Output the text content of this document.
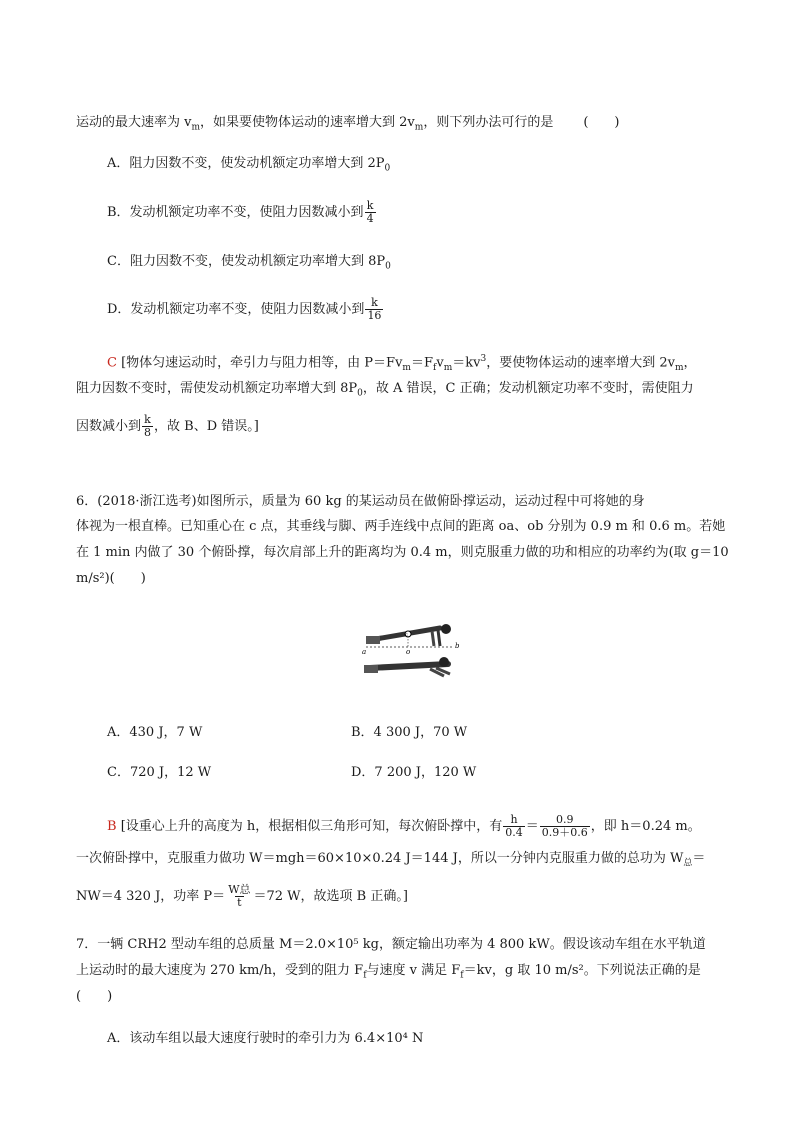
运动的最大速率为 $v_m$，如果要使物体运动的速率增大到 $2v_m$，则下列办法可行的是 (　　)
A．阻力因数不变，使发动机额定功率增大到 $2P_0$
B．发动机额定功率不变，使阻力因数减小到 $\frac{k}{4}$
C．阻力因数不变，使发动机额定功率增大到 $8P_0$
D．发动机额定功率不变，使阻力因数减小到 $\frac{k}{16}$
C [物体匀速运动时，牵引力与阻力相等，由 $P=Fv_m=F_fv_m=kv^3$，要使物体运动的速率增大到 $2v_m$，
阻力因数不变时，需使发动机额定功率增大到 $8P_0$，故 A 错误，C 正确；发动机额定功率不变时，需使阻力
因数减小到 $\frac{k}{8}$ ，故 B、D 错误。]
6．(2018·浙江选考)如图所示，质量为 60 kg 的某运动员在做俯卧撑运动，运动过程中可将她的身
体视为一根直棒。已知重心在 c 点，其垂线与脚、两手连线中点间的距离 oa、ob 分别为 0.9 m 和 0.6 m。若她
在 1 min 内做了 30 个俯卧撑，每次肩部上升的距离均为 0.4 m，则克服重力做的功和相应的功率约为(取 g＝10
m/s²)(　　)
a	o
b
c
A．430 J，7 W	B．4 300 J，70 W
C．720 J，12 W	D．7 200 J，120 W
B [设重心上升的高度为 h，根据相似三角形可知，每次俯卧撑中，有 $\frac{h}{0.4} = \frac{0.9}{0.9+0.6}$ ，即 h＝0.24 m。
一次俯卧撑中，克服重力做功 W＝mgh＝60×10×0.24 J＝144 J，所以一分钟内克服重力做的总功为 $W_总=$
NW＝4 320 J，功率 $P= \frac{\text{W总}}{t} =72$ W，故选项 B 正确。]
7．一辆 CRH2 型动车组的总质量 M＝2.0×10⁵ kg，额定输出功率为 4 800 kW。假设该动车组在水平轨道
上运动时的最大速度为 270 km/h，受到的阻力 $F_f$与速度 v 满足 $F_f=kv$，g 取 10 m/s²。下列说法正确的是
(　　)
A．该动车组以最大速度行驶时的牵引力为 6.4×10⁴ N
